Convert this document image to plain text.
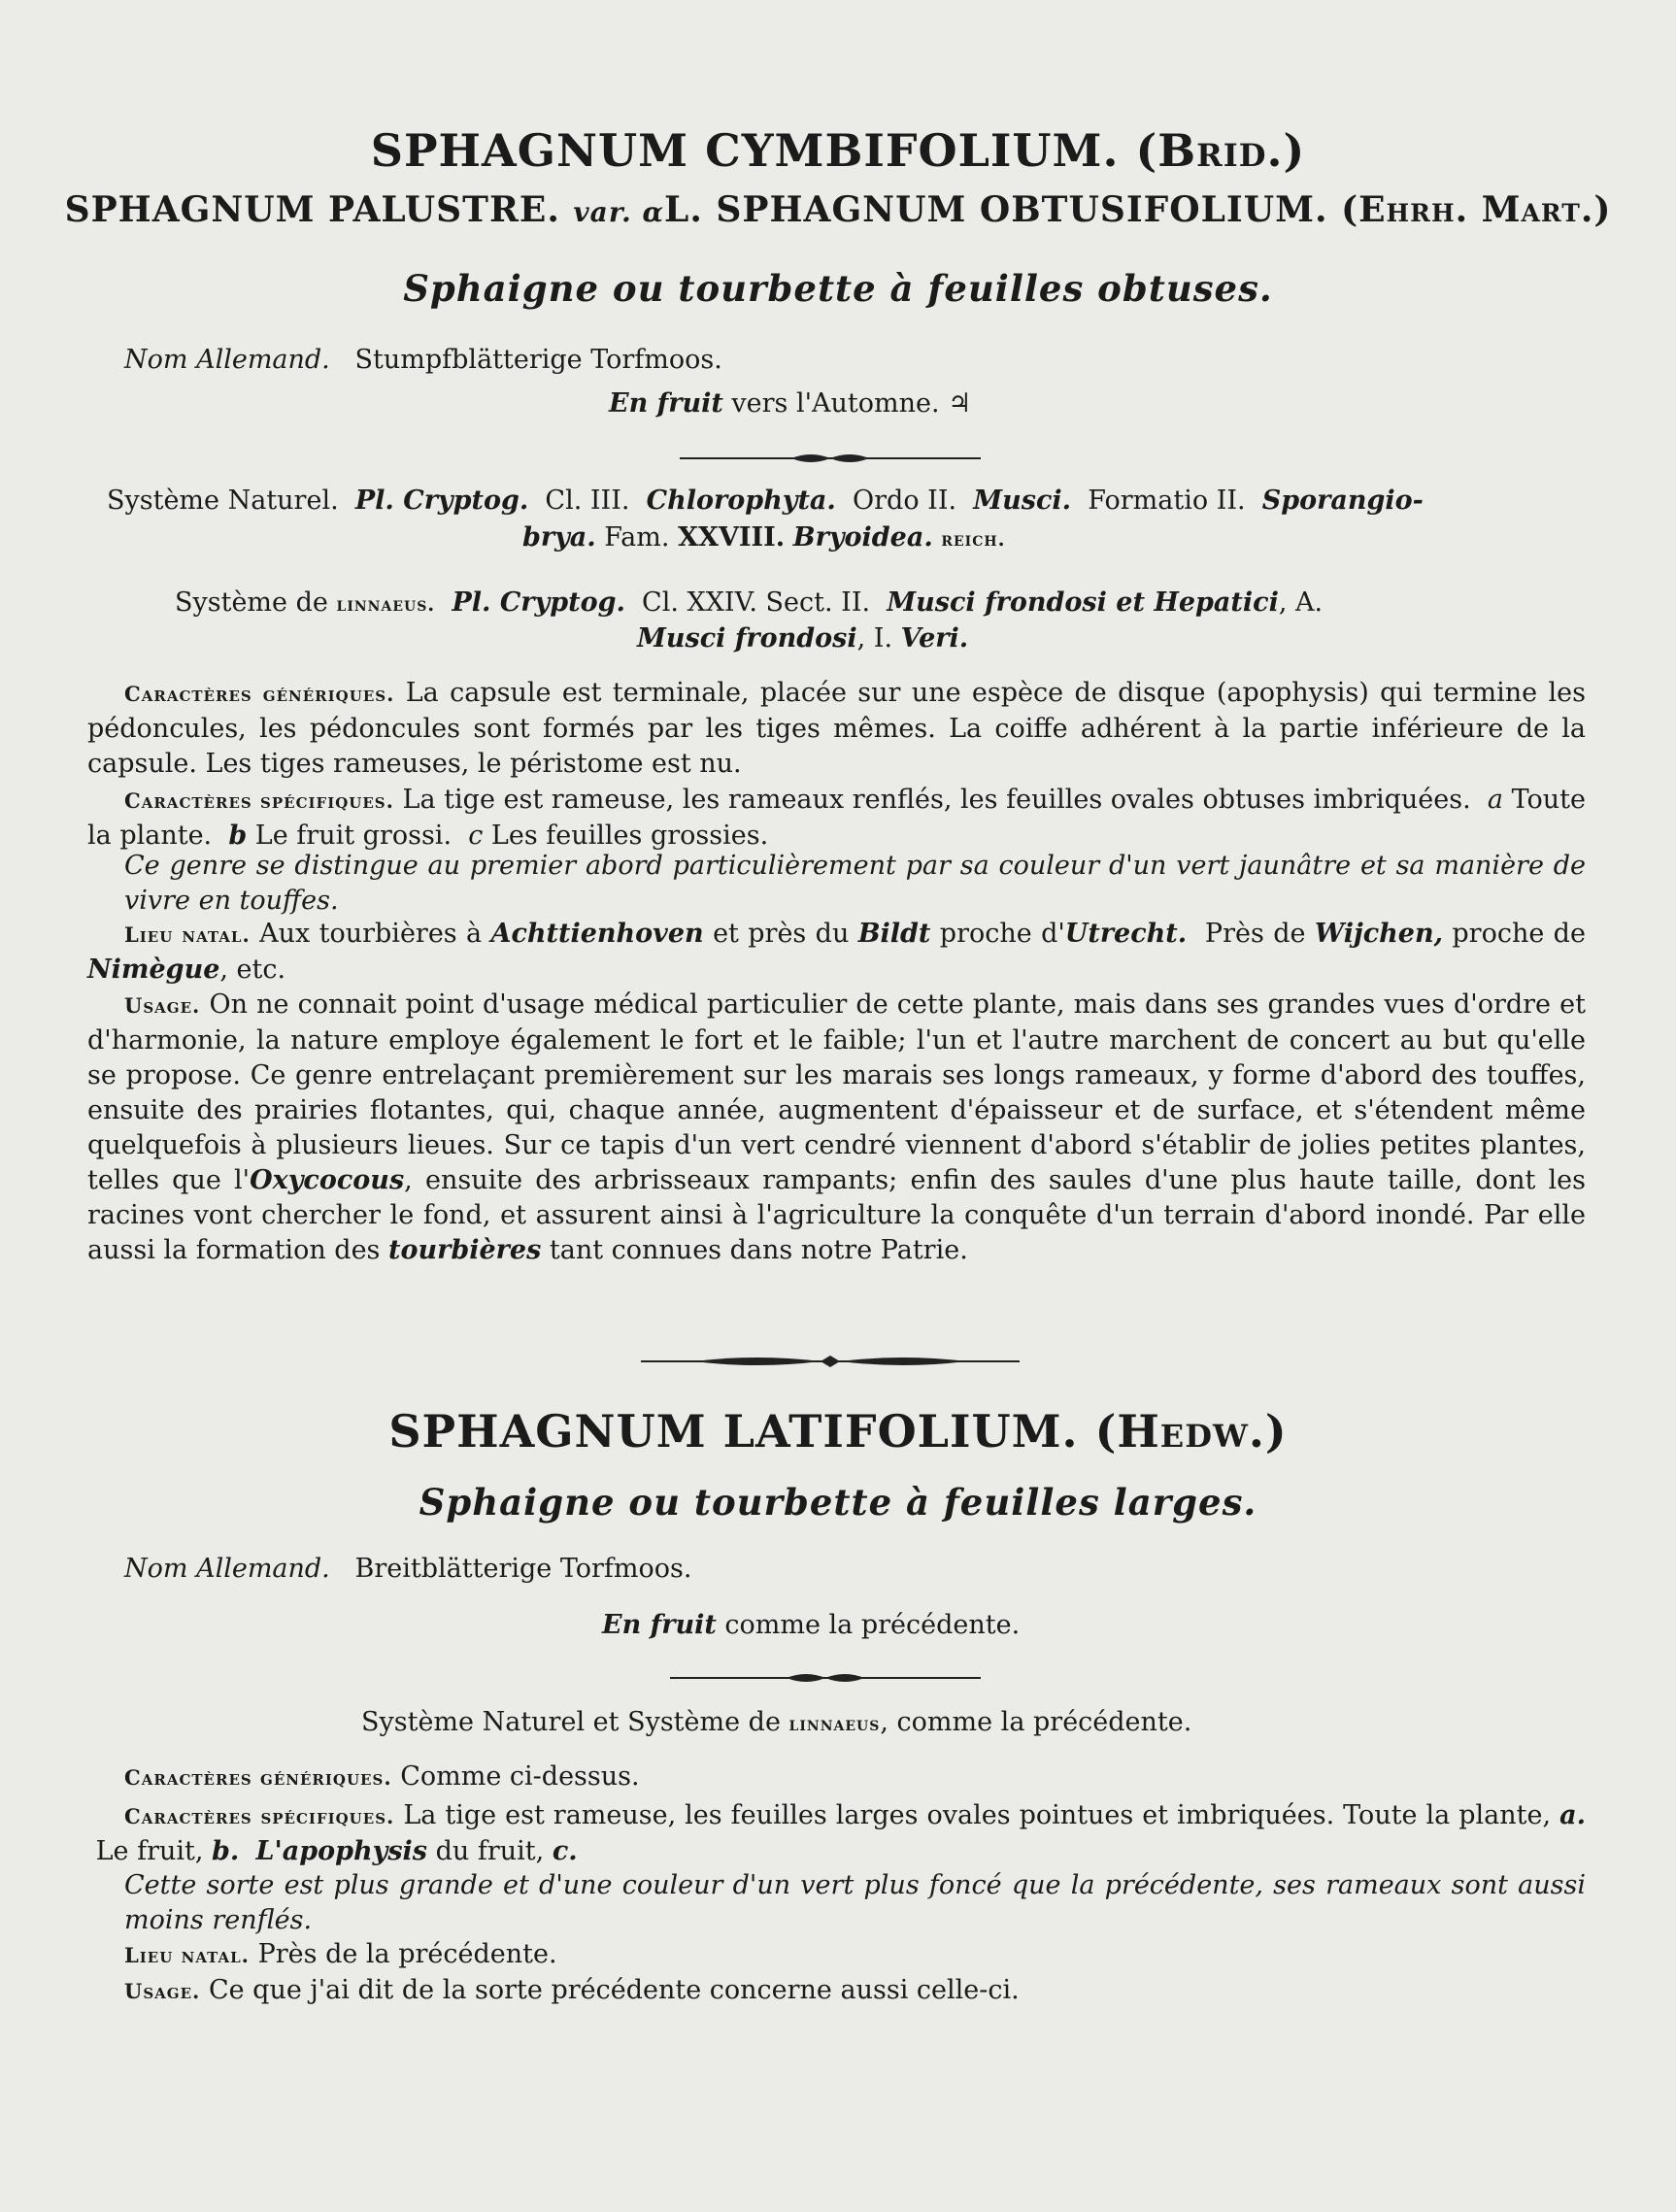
SPHAGNUM CYMBIFOLIUM. (Brid.)
SPHAGNUM PALUSTRE. var. αL. SPHAGNUM OBTUSIFOLIUM. (Ehrh. Mart.)
Sphaigne ou tourbette à feuilles obtuses.
Nom Allemand. Stumpfblätterige Torfmoos.
En fruit vers l'Automne. ♃
Système Naturel. Pl. Cryptog. Cl. III. Chlorophyta. Ordo II. Musci. Formatio II. Sporangio-
brya. Fam. XXVIII. Bryoidea. reich.
Système de linnaeus. Pl. Cryptog. Cl. XXIV. Sect. II. Musci frondosi et Hepatici, A.
Musci frondosi, I. Veri.
Caractères génériques. La capsule est terminale, placée sur une espèce de disque (apophysis) qui termine les pédoncules, les pédoncules sont formés par les tiges mêmes. La coiffe adhérent à la partie inférieure de la capsule. Les tiges rameuses, le péristome est nu.
Caractères spécifiques. La tige est rameuse, les rameaux renflés, les feuilles ovales obtuses imbriquées. a Toute la plante. b Le fruit grossi. c Les feuilles grossies.
Ce genre se distingue au premier abord particulièrement par sa couleur d'un vert jaunâtre et sa manière de vivre en touffes.
Lieu natal. Aux tourbières à Achttienhoven et près du Bildt proche d'Utrecht. Près de Wijchen, proche de Nimègue, etc.
Usage. On ne connait point d'usage médical particulier de cette plante, mais dans ses grandes vues d'ordre et d'harmonie, la nature employe également le fort et le faible; l'un et l'autre marchent de concert au but qu'elle se propose. Ce genre entrelaçant premièrement sur les marais ses longs rameaux, y forme d'abord des touffes, ensuite des prairies flotantes, qui, chaque année, augmentent d'épaisseur et de surface, et s'étendent même quelquefois à plusieurs lieues. Sur ce tapis d'un vert cendré viennent d'abord s'établir de jolies petites plantes, telles que l'Oxycocous, ensuite des arbrisseaux rampants; enfin des saules d'une plus haute taille, dont les racines vont chercher le fond, et assurent ainsi à l'agriculture la conquête d'un terrain d'abord inondé. Par elle aussi la formation des tourbières tant connues dans notre Patrie.
SPHAGNUM LATIFOLIUM. (Hedw.)
Sphaigne ou tourbette à feuilles larges.
Nom Allemand. Breitblätterige Torfmoos.
En fruit comme la précédente.
Système Naturel et Système de linnaeus, comme la précédente.
Caractères génériques. Comme ci-dessus.
Caractères spécifiques. La tige est rameuse, les feuilles larges ovales pointues et imbriquées. Toute la plante, a.  Le fruit, b. L'apophysis du fruit, c.
Cette sorte est plus grande et d'une couleur d'un vert plus foncé que la précédente, ses rameaux sont aussi moins renflés.
Lieu natal. Près de la précédente.
Usage. Ce que j'ai dit de la sorte précédente concerne aussi celle-ci.
